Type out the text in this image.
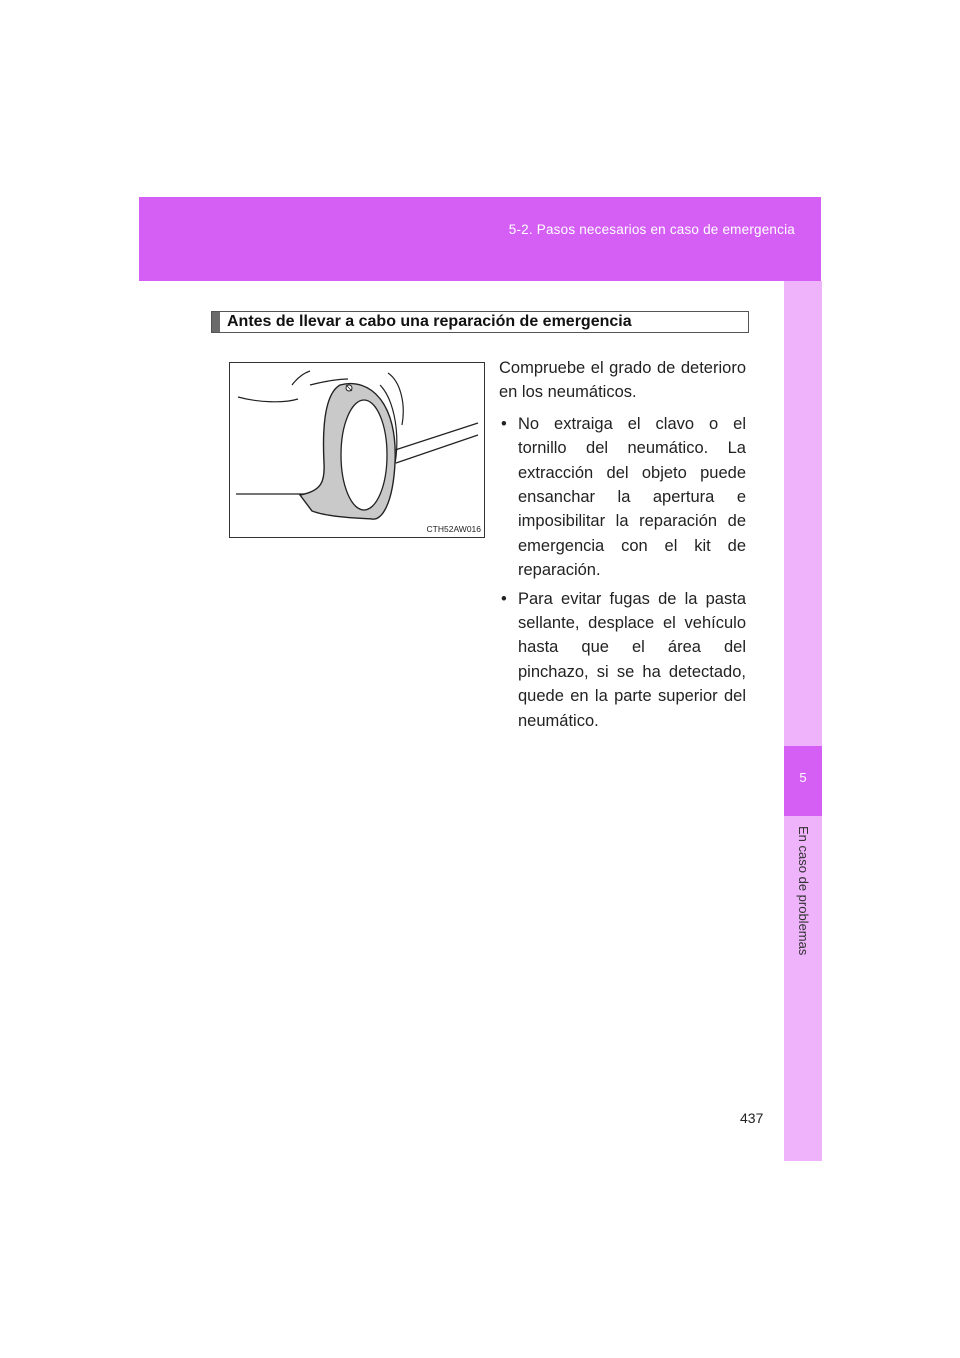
5-2. Pasos necesarios en caso de emergencia
5
En caso de problemas
Antes de llevar a cabo una reparación de emergencia
CTH52AW016

Compruebe el grado de deterioro en los neumáticos.

• No extraiga el clavo o el tornillo del neumático. La extracción del objeto puede ensanchar la apertura e imposibilitar la reparación de emergencia con el kit de reparación.
• Para evitar fugas de la pasta sellante, desplace el vehículo hasta que el área del pinchazo, si se ha detectado, quede en la parte superior del neumático.
437
